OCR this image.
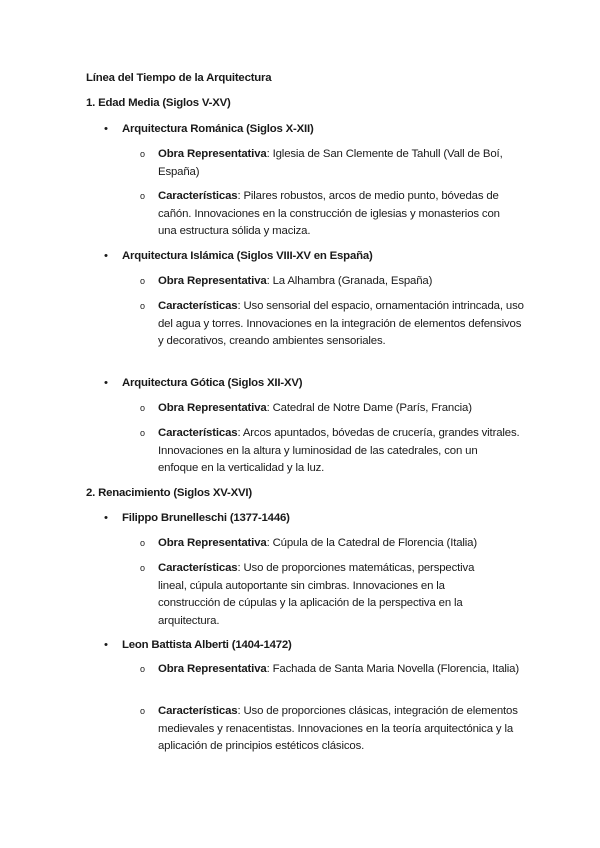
Línea del Tiempo de la Arquitectura
1. Edad Media (Siglos V-XV)
•	Arquitectura Románica (Siglos X-XII)
o	Obra Representativa: Iglesia de San Clemente de Tahull (Vall de Boí, España)
o	Características: Pilares robustos, arcos de medio punto, bóvedas de cañón. Innovaciones en la construcción de iglesias y monasterios con una estructura sólida y maciza.
•	Arquitectura Islámica (Siglos VIII-XV en España)
o	Obra Representativa: La Alhambra (Granada, España)
o	Características: Uso sensorial del espacio, ornamentación intrincada, uso del agua y torres. Innovaciones en la integración de elementos defensivos y decorativos, creando ambientes sensoriales.
•	Arquitectura Gótica (Siglos XII-XV)
o	Obra Representativa: Catedral de Notre Dame (París, Francia)
o	Características: Arcos apuntados, bóvedas de crucería, grandes vitrales. Innovaciones en la altura y luminosidad de las catedrales, con un enfoque en la verticalidad y la luz.
2. Renacimiento (Siglos XV-XVI)
•	Filippo Brunelleschi (1377-1446)
o	Obra Representativa: Cúpula de la Catedral de Florencia (Italia)
o	Características: Uso de proporciones matemáticas, perspectiva lineal, cúpula autoportante sin cimbras. Innovaciones en la construcción de cúpulas y la aplicación de la perspectiva en la arquitectura.
•	Leon Battista Alberti (1404-1472)
o	Obra Representativa: Fachada de Santa Maria Novella (Florencia, Italia)
o	Características: Uso de proporciones clásicas, integración de elementos medievales y renacentistas. Innovaciones en la teoría arquitectónica y la aplicación de principios estéticos clásicos.
